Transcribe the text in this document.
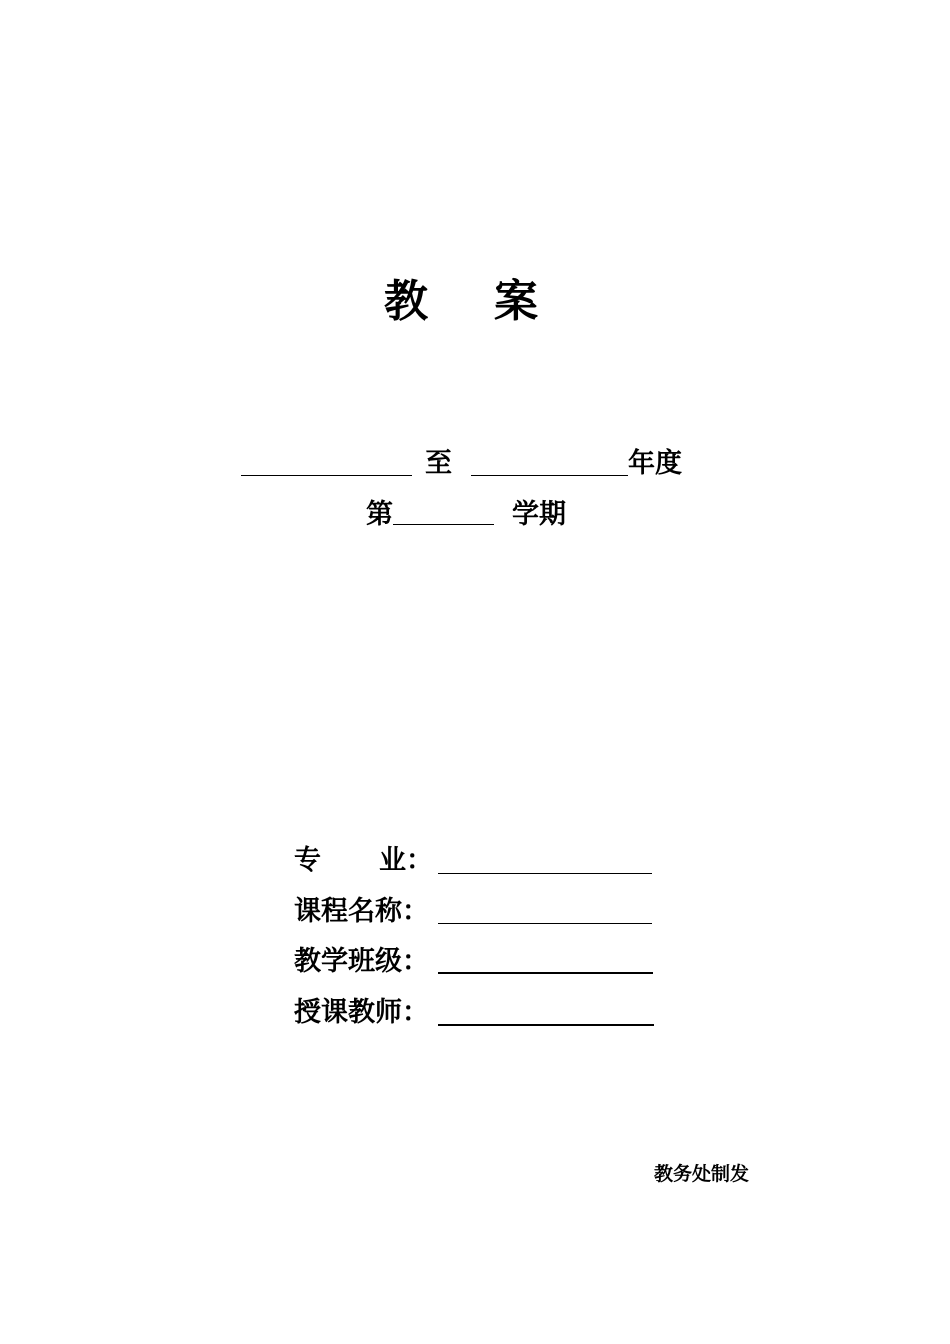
教 案
至	年度
第	学期
专 业：
课程名称：
教学班级：
授课教师：
教务处制发
